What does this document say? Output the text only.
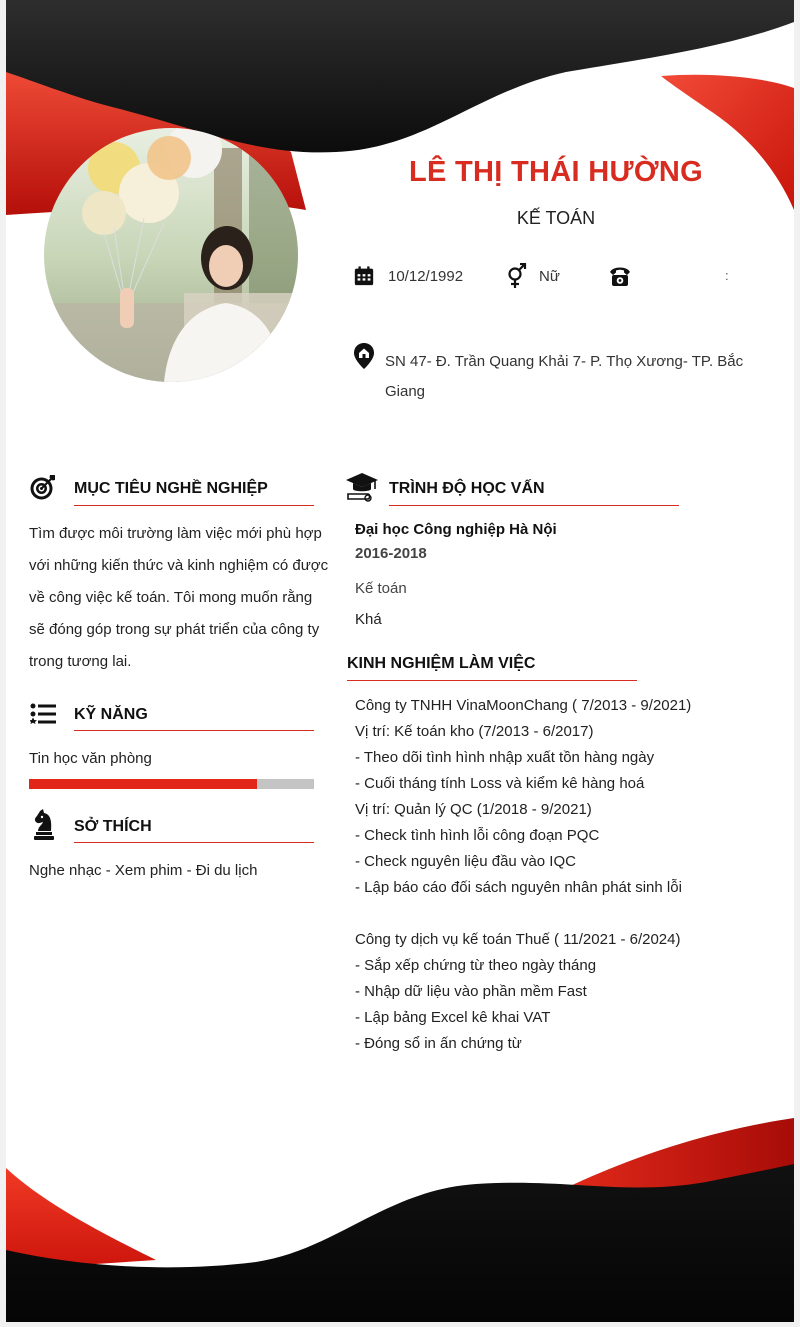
LÊ THỊ THÁI HƯỜNG
KẾ TOÁN
10/12/1992	Nữ	:
SN 47- Đ. Trần Quang Khải 7- P. Thọ Xương- TP. Bắc
Giang
MỤC TIÊU NGHỀ NGHIỆP
Tìm được môi trường làm việc mới phù hợp
với những kiến thức và kinh nghiệm có được
về công việc kế toán. Tôi mong muốn rằng
sẽ đóng góp trong sự phát triển của công ty
trong tương lai.
KỸ NĂNG
Tin học văn phòng
SỞ THÍCH
Nghe nhạc - Xem phim - Đi du lịch
TRÌNH ĐỘ HỌC VẤN
Đại học Công nghiệp Hà Nội
2016-2018
Kế toán
Khá
KINH NGHIỆM LÀM VIỆC
Công ty TNHH VinaMoonChang ( 7/2013 - 9/2021)
Vị trí: Kế toán kho (7/2013 - 6/2017)
- Theo dõi tình hình nhập xuất tồn hàng ngày
- Cuối tháng tính Loss và kiểm kê hàng hoá
Vị trí: Quản lý QC (1/2018 - 9/2021)
- Check tình hình lỗi công đoạn PQC
- Check nguyên liệu đầu vào IQC
- Lập báo cáo đối sách nguyên nhân phát sinh lỗi
Công ty dịch vụ kế toán Thuế ( 11/2021 - 6/2024)
- Sắp xếp chứng từ theo ngày tháng
- Nhập dữ liệu vào phần mềm Fast
- Lập bảng Excel kê khai VAT
- Đóng sổ in ấn chứng từ
